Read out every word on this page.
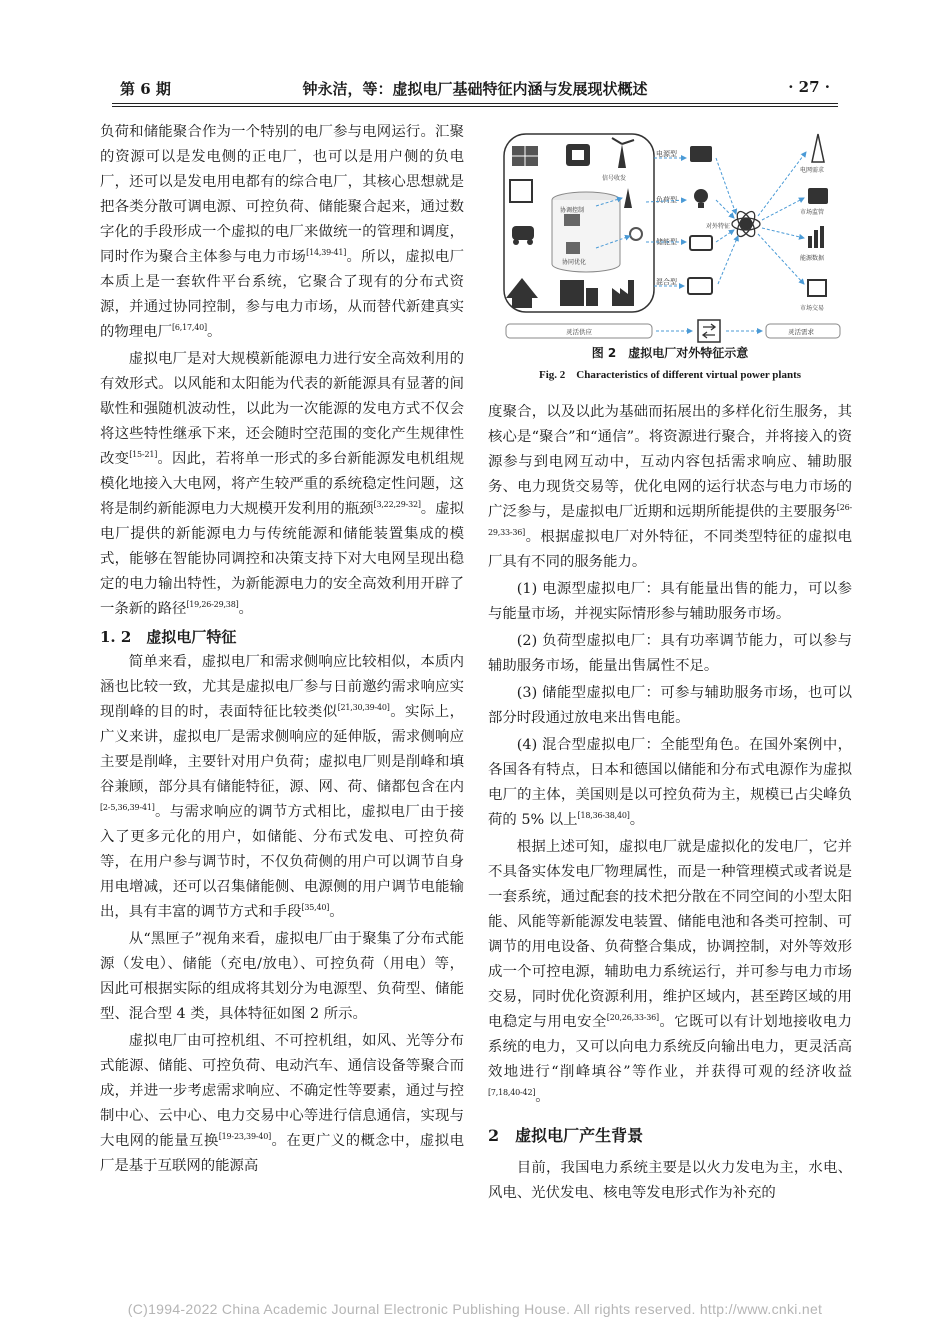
第 6 期	钟永洁，等：虚拟电厂基础特征内涵与发展现状概述	· 27 ·

负荷和储能聚合作为一个特别的电厂参与电网运行。汇聚的资源可以是发电侧的正电厂，也可以是用户侧的负电厂，还可以是发电用电都有的综合电厂，其核心思想就是把各类分散可调电源、可控负荷、储能聚合起来，通过数字化的手段形成一个虚拟的电厂来做统一的管理和调度，同时作为聚合主体参与电力市场[14,39-41]。所以，虚拟电厂本质上是一套软件平台系统，它聚合了现有的分布式资源，并通过协同控制，参与电力市场，从而替代新建真实的物理电厂[6,17,40]。

虚拟电厂是对大规模新能源电力进行安全高效利用的有效形式。以风能和太阳能为代表的新能源具有显著的间歇性和强随机波动性，以此为一次能源的发电方式不仅会将这些特性继承下来，还会随时空范围的变化产生规律性改变[15-21]。因此，若将单一形式的多台新能源发电机组规模化地接入大电网，将产生较严重的系统稳定性问题，这将是制约新能源电力大规模开发利用的瓶颈[3,22,29-32]。虚拟电厂提供的新能源电力与传统能源和储能装置集成的模式，能够在智能协同调控和决策支持下对大电网呈现出稳定的电力输出特性，为新能源电力的安全高效利用开辟了一条新的路径[19,26-29,38]。

1. 2　虚拟电厂特征

简单来看，虚拟电厂和需求侧响应比较相似，本质内涵也比较一致，尤其是虚拟电厂参与日前邀约需求响应实现削峰的目的时，表面特征比较类似[21,30,39-40]。实际上，广义来讲，虚拟电厂是需求侧响应的延伸版，需求侧响应主要是削峰，主要针对用户负荷；虚拟电厂则是削峰和填谷兼顾，部分具有储能特征，源、网、荷、储都包含在内[2-5,36,39-41]。与需求响应的调节方式相比，虚拟电厂由于接入了更多元化的用户，如储能、分布式发电、可控负荷等，在用户参与调节时，不仅负荷侧的用户可以调节自身用电增减，还可以召集储能侧、电源侧的用户调节电能输出，具有丰富的调节方式和手段[35,40]。

从“黑匣子”视角来看，虚拟电厂由于聚集了分布式能源（发电）、储能（充电/放电）、可控负荷（用电）等，因此可根据实际的组成将其划分为电源型、负荷型、储能型、混合型 4 类，具体特征如图 2 所示。

虚拟电厂由可控机组、不可控机组，如风、光等分布式能源、储能、可控负荷、电动汽车、通信设备等聚合而成，并进一步考虑需求响应、不确定性等要素，通过与控制中心、云中心、电力交易中心等进行信息通信，实现与大电网的能量互换[19-23,39-40]。在更广义的概念中，虚拟电厂是基于互联网的能源高

协调控制
协同优化
信号收发
电源型
负荷型
储能型
混合型
对外特征
电网需求
市场监管
能源数据
市场交易
灵活供应	灵活需求
图 2　虚拟电厂对外特征示意
Fig. 2　Characteristics of different virtual power plants

度聚合，以及以此为基础而拓展出的多样化衍生服务，其核心是“聚合”和“通信”。将资源进行聚合，并将接入的资源参与到电网互动中，互动内容包括需求响应、辅助服务、电力现货交易等，优化电网的运行状态与电力市场的广泛参与，是虚拟电厂近期和远期所能提供的主要服务[26-29,33-36]。根据虚拟电厂对外特征，不同类型特征的虚拟电厂具有不同的服务能力。

(1) 电源型虚拟电厂：具有能量出售的能力，可以参与能量市场，并视实际情形参与辅助服务市场。

(2) 负荷型虚拟电厂：具有功率调节能力，可以参与辅助服务市场，能量出售属性不足。

(3) 储能型虚拟电厂：可参与辅助服务市场，也可以部分时段通过放电来出售电能。

(4) 混合型虚拟电厂：全能型角色。在国外案例中，各国各有特点，日本和德国以储能和分布式电源作为虚拟电厂的主体，美国则是以可控负荷为主，规模已占尖峰负荷的 5% 以上[18,36-38,40]。

根据上述可知，虚拟电厂就是虚拟化的发电厂，它并不具备实体发电厂物理属性，而是一种管理模式或者说是一套系统，通过配套的技术把分散在不同空间的小型太阳能、风能等新能源发电装置、储能电池和各类可控制、可调节的用电设备、负荷整合集成，协调控制，对外等效形成一个可控电源，辅助电力系统运行，并可参与电力市场交易，同时优化资源利用，维护区域内，甚至跨区域的用电稳定与用电安全[20,26,33-36]。它既可以有计划地接收电力系统的电力，又可以向电力系统反向输出电力，更灵活高效地进行“削峰填谷”等作业，并获得可观的经济收益[7,18,40-42]。

2　虚拟电厂产生背景

目前，我国电力系统主要是以火力发电为主，水电、风电、光伏发电、核电等发电形式作为补充的

(C)1994-2022 China Academic Journal Electronic Publishing House. All rights reserved. http://www.cnki.net
